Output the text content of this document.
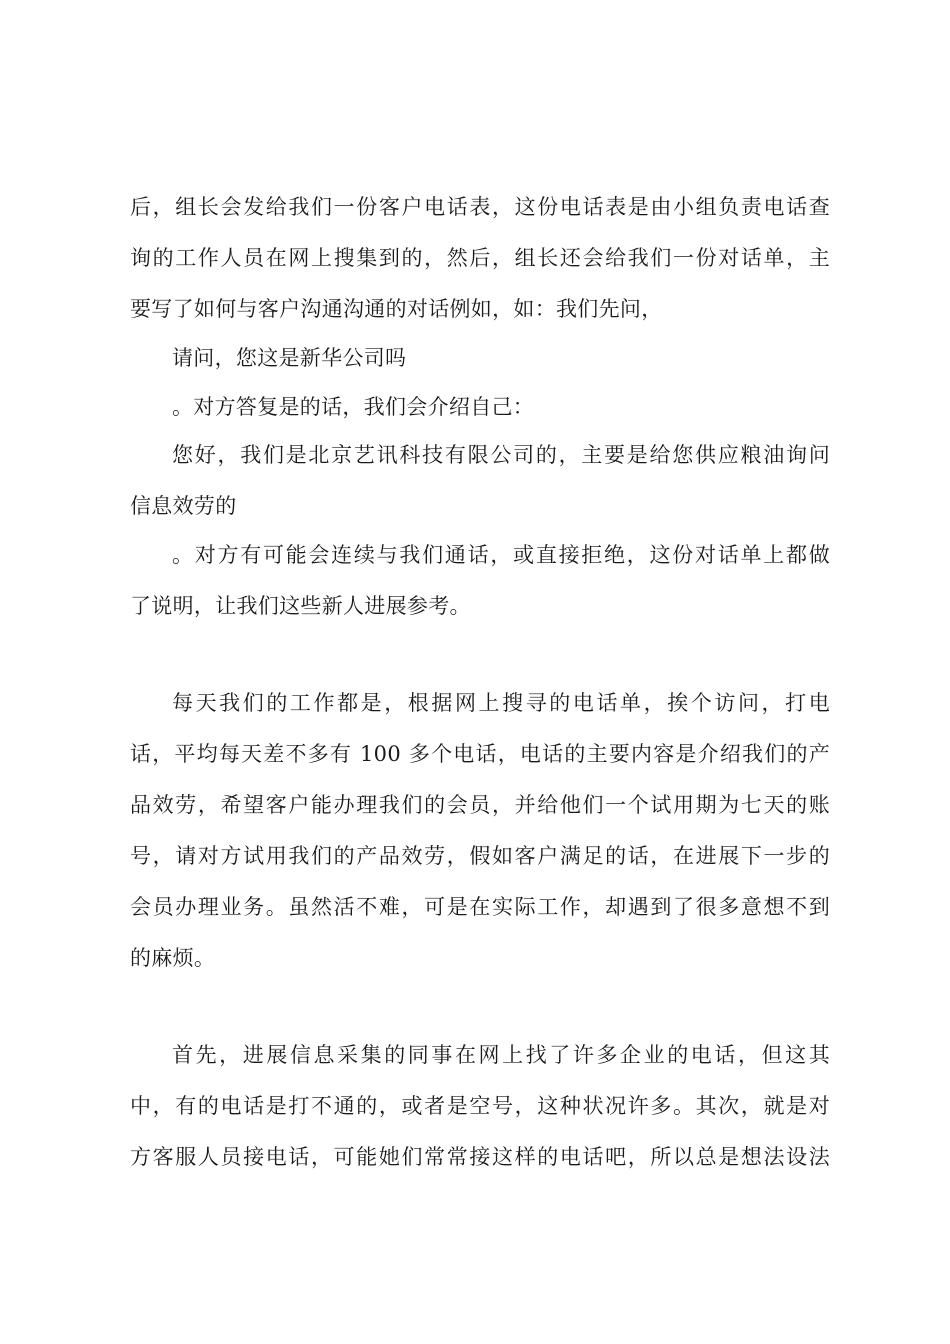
后，组长会发给我们一份客户电话表，这份电话表是由小组负责电话查
询的工作人员在网上搜集到的，然后，组长还会给我们一份对话单，主
要写了如何与客户沟通沟通的对话例如，如：我们先问，
请问，您这是新华公司吗
。对方答复是的话，我们会介绍自己：
您好，我们是北京艺讯科技有限公司的，主要是给您供应粮油询问
信息效劳的
。对方有可能会连续与我们通话，或直接拒绝，这份对话单上都做
了说明，让我们这些新人进展参考。
每天我们的工作都是，根据网上搜寻的电话单，挨个访问，打电
话，平均每天差不多有 100 多个电话，电话的主要内容是介绍我们的产
品效劳，希望客户能办理我们的会员，并给他们一个试用期为七天的账
号，请对方试用我们的产品效劳，假如客户满足的话，在进展下一步的
会员办理业务。虽然活不难，可是在实际工作，却遇到了很多意想不到
的麻烦。
首先，进展信息采集的同事在网上找了许多企业的电话，但这其
中，有的电话是打不通的，或者是空号，这种状况许多。其次，就是对
方客服人员接电话，可能她们常常接这样的电话吧，所以总是想法设法
